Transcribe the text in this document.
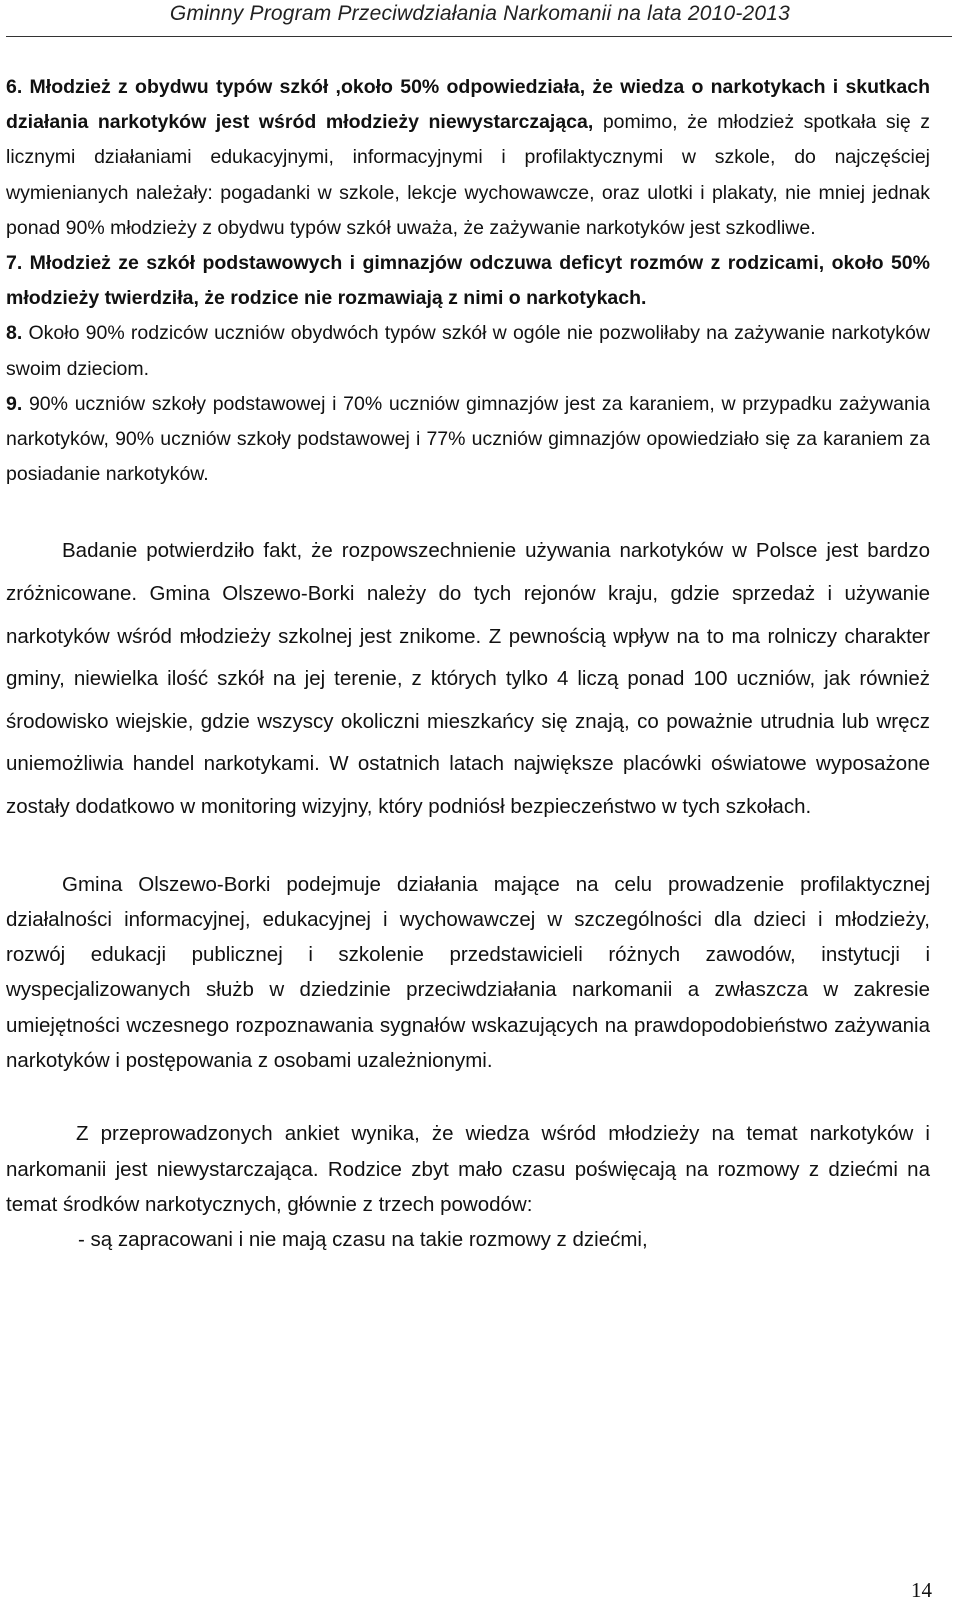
Gminny Program Przeciwdziałania Narkomanii na lata 2010-2013

6. Młodzież z obydwu typów szkół ,około 50% odpowiedziała, że wiedza o narkotykach i skutkach działania narkotyków jest wśród młodzieży niewystarczająca, pomimo, że młodzież spotkała się z licznymi działaniami edukacyjnymi, informacyjnymi i profilaktycznymi w szkole, do najczęściej wymienianych należały: pogadanki w szkole, lekcje wychowawcze, oraz ulotki i plakaty, nie mniej jednak ponad 90% młodzieży z obydwu typów szkół uważa, że zażywanie narkotyków jest szkodliwe.

7. Młodzież ze szkół podstawowych i gimnazjów odczuwa deficyt rozmów z rodzicami, około 50% młodzieży twierdziła, że rodzice nie rozmawiają z nimi o narkotykach.

8. Około 90% rodziców uczniów obydwóch typów szkół w ogóle nie pozwoliłaby na zażywanie narkotyków swoim dzieciom.

9. 90% uczniów szkoły podstawowej i 70% uczniów gimnazjów jest za karaniem, w przypadku zażywania narkotyków, 90% uczniów szkoły podstawowej i 77% uczniów gimnazjów opowiedziało się za karaniem za posiadanie narkotyków.

Badanie potwierdziło fakt, że rozpowszechnienie używania narkotyków w Polsce jest bardzo zróżnicowane. Gmina Olszewo-Borki należy do tych rejonów kraju, gdzie sprzedaż i używanie narkotyków wśród młodzieży szkolnej jest znikome. Z pewnością wpływ na to ma rolniczy charakter gminy, niewielka ilość szkół na jej terenie, z których tylko 4 liczą ponad 100 uczniów, jak również środowisko wiejskie, gdzie wszyscy okoliczni mieszkańcy się znają, co poważnie utrudnia lub wręcz uniemożliwia handel narkotykami. W ostatnich latach największe placówki oświatowe wyposażone zostały dodatkowo w monitoring wizyjny, który podniósł bezpieczeństwo w tych szkołach.

Gmina Olszewo-Borki podejmuje działania mające na celu prowadzenie profilaktycznej działalności informacyjnej, edukacyjnej i wychowawczej w szczególności dla dzieci i młodzieży, rozwój edukacji publicznej i szkolenie przedstawicieli różnych zawodów, instytucji i wyspecjalizowanych służb w dziedzinie przeciwdziałania narkomanii a zwłaszcza w zakresie umiejętności wczesnego rozpoznawania sygnałów wskazujących na prawdopodobieństwo zażywania narkotyków i postępowania z osobami uzależnionymi.

Z przeprowadzonych ankiet wynika, że wiedza wśród młodzieży na temat narkotyków i narkomanii jest niewystarczająca. Rodzice zbyt mało czasu poświęcają na rozmowy z dziećmi na temat środków narkotycznych, głównie z trzech powodów:

- są zapracowani i nie mają czasu na takie rozmowy z dziećmi,

14
